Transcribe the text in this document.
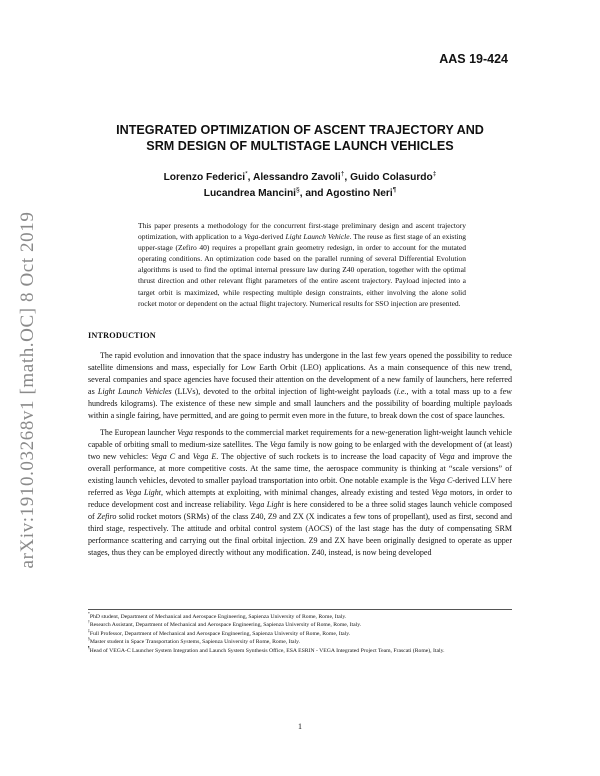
AAS 19-424
arXiv:1910.03268v1 [math.OC] 8 Oct 2019
INTEGRATED OPTIMIZATION OF ASCENT TRAJECTORY AND
SRM DESIGN OF MULTISTAGE LAUNCH VEHICLES
Lorenzo Federici*, Alessandro Zavoli†, Guido Colasurdo‡
Lucandrea Mancini§, and Agostino Neri¶
This paper presents a methodology for the concurrent first-stage preliminary design and ascent trajectory optimization, with application to a Vega-derived Light Launch Vehicle. The reuse as first stage of an existing upper-stage (Zefiro 40) requires a propellant grain geometry redesign, in order to account for the mutated operating conditions. An optimization code based on the parallel running of several Differential Evolution algorithms is used to find the optimal internal pressure law during Z40 operation, together with the optimal thrust direction and other relevant flight parameters of the entire ascent trajectory. Payload injected into a target orbit is maximized, while respecting multiple design constraints, either involving the alone solid rocket motor or dependent on the actual flight trajectory. Numerical results for SSO injection are presented.
INTRODUCTION

The rapid evolution and innovation that the space industry has undergone in the last few years opened the possibility to reduce satellite dimensions and mass, especially for Low Earth Orbit (LEO) applications. As a main consequence of this new trend, several companies and space agencies have focused their attention on the development of a new family of launchers, here referred as Light Launch Vehicles (LLVs), devoted to the orbital injection of light-weight payloads (i.e., with a total mass up to a few hundreds kilograms). The existence of these new simple and small launchers and the possibility of boarding multiple payloads within a single fairing, have permitted, and are going to permit even more in the future, to break down the cost of space launches.

The European launcher Vega responds to the commercial market requirements for a new-generation light-weight launch vehicle capable of orbiting small to medium-size satellites. The Vega family is now going to be enlarged with the development of (at least) two new vehicles: Vega C and Vega E. The objective of such rockets is to increase the load capacity of Vega and improve the overall performance, at more competitive costs. At the same time, the aerospace community is thinking at “scale versions” of existing launch vehicles, devoted to smaller payload transportation into orbit. One notable example is the Vega C-derived LLV here referred as Vega Light, which attempts at exploiting, with minimal changes, already existing and tested Vega motors, in order to reduce development cost and increase reliability. Vega Light is here considered to be a three solid stages launch vehicle composed of Zefiro solid rocket motors (SRMs) of the class Z40, Z9 and ZX (X indicates a few tons of propellant), used as first, second and third stage, respectively. The attitude and orbital control system (AOCS) of the last stage has the duty of compensating SRM performance scattering and carrying out the final orbital injection. Z9 and ZX have been originally designed to operate as upper stages, thus they can be employed directly without any modification. Z40, instead, is now being developed

*PhD student, Department of Mechanical and Aerospace Engineering, Sapienza University of Rome, Rome, Italy.
†Research Assistant, Department of Mechanical and Aerospace Engineering, Sapienza University of Rome, Rome, Italy.
‡Full Professor, Department of Mechanical and Aerospace Engineering, Sapienza University of Rome, Rome, Italy.
§Master student in Space Transportation Systems, Sapienza University of Rome, Rome, Italy.
¶Head of VEGA-C Launcher System Integration and Launch System Synthesis Office, ESA ESRIN - VEGA Integrated Project Team, Frascati (Rome), Italy.
1
